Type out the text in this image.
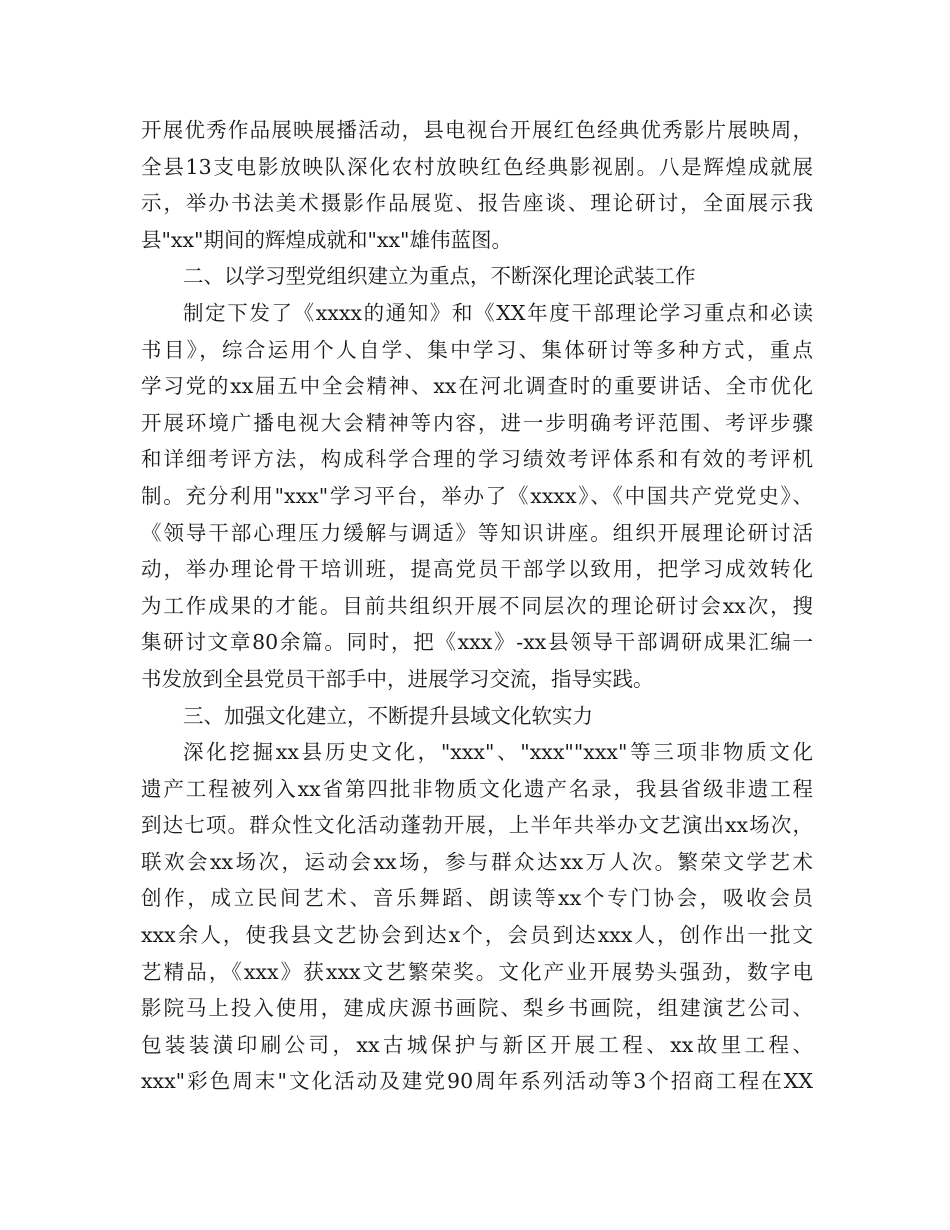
开展优秀作品展映展播活动，县电视台开展红色经典优秀影片展映周，
全县13支电影放映队深化农村放映红色经典影视剧。八是辉煌成就展
示，举办书法美术摄影作品展览、报告座谈、理论研讨，全面展示我
县"xx"期间的辉煌成就和"xx"雄伟蓝图。
二、以学习型党组织建立为重点，不断深化理论武装工作
制定下发了《xxxx的通知》和《XX年度干部理论学习重点和必读
书目》，综合运用个人自学、集中学习、集体研讨等多种方式，重点
学习党的xx届五中全会精神、xx在河北调查时的重要讲话、全市优化
开展环境广播电视大会精神等内容，进一步明确考评范围、考评步骤
和详细考评方法，构成科学合理的学习绩效考评体系和有效的考评机
制。充分利用"xxx"学习平台，举办了《xxxx》、《中国共产党党史》、
《领导干部心理压力缓解与调适》等知识讲座。组织开展理论研讨活
动，举办理论骨干培训班，提高党员干部学以致用，把学习成效转化
为工作成果的才能。目前共组织开展不同层次的理论研讨会xx次，搜
集研讨文章80余篇。同时，把《xxx》-xx县领导干部调研成果汇编一
书发放到全县党员干部手中，进展学习交流，指导实践。
三、加强文化建立，不断提升县域文化软实力
深化挖掘xx县历史文化，"xxx"、"xxx""xxx"等三项非物质文化
遗产工程被列入xx省第四批非物质文化遗产名录，我县省级非遗工程
到达七项。群众性文化活动蓬勃开展，上半年共举办文艺演出xx场次，
联欢会xx场次，运动会xx场，参与群众达xx万人次。繁荣文学艺术
创作，成立民间艺术、音乐舞蹈、朗读等xx个专门协会，吸收会员
xxx余人，使我县文艺协会到达x个，会员到达xxx人，创作出一批文
艺精品，《xxx》获xxx文艺繁荣奖。文化产业开展势头强劲，数字电
影院马上投入使用，建成庆源书画院、梨乡书画院，组建演艺公司、
包装装潢印刷公司，xx古城保护与新区开展工程、xx故里工程、
xxx"彩色周末"文化活动及建党90周年系列活动等3个招商工程在XX
